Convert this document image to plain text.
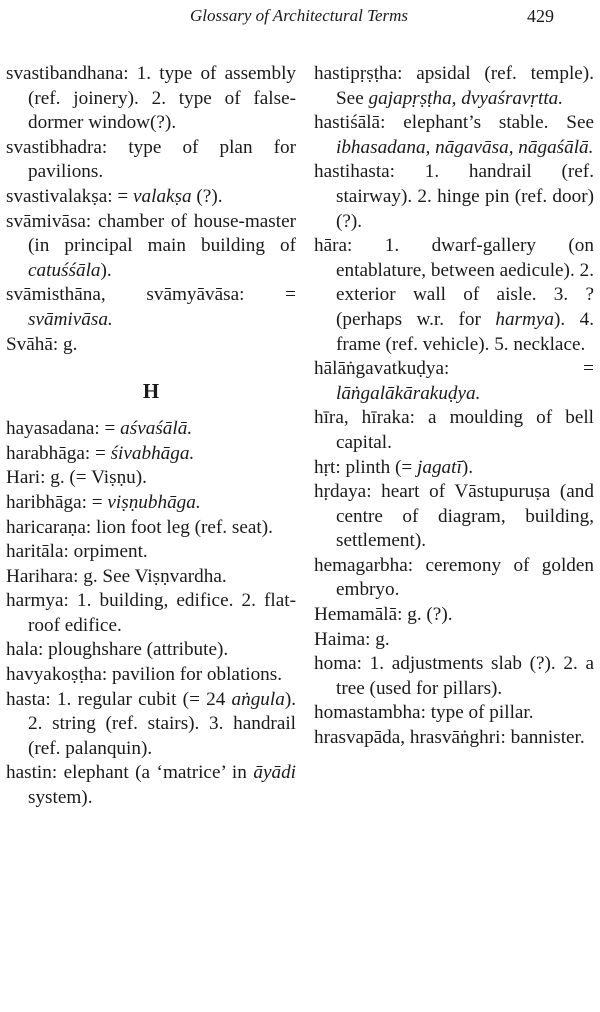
Glossary of Architectural Terms	429
svastibandhana: 1. type of assembly (ref. joinery). 2. type of false-dormer window(?).
svastibhadra: type of plan for pavilions.
svastivalakṣa: = valakṣa (?).
svāmivāsa: chamber of house-master (in principal main building of catuśśāla).
svāmisthāna, svāmyāvāsa: = svāmivāsa.
Svāhā: g.
H
hayasadana: = aśvaśālā.
harabhāga: = śivabhāga.
Hari: g. (= Viṣṇu).
haribhāga: = viṣṇubhāga.
haricaraṇa: lion foot leg (ref. seat).
haritāla: orpiment.
Harihara: g. See Viṣṇvardha.
harmya: 1. building, edifice. 2. flat-roof edifice.
hala: ploughshare (attribute).
havyakoṣṭha: pavilion for oblations.
hasta: 1. regular cubit (= 24 aṅgula). 2. string (ref. stairs). 3. handrail (ref. palanquin).
hastin: elephant (a ‘matrice’ in āyādi system).
hastipṛṣṭha: apsidal (ref. temple). See gajapṛṣṭha, dvyaśravṛtta.
hastiśālā: elephant’s stable. See ibhasadana, nāgavāsa, nāgaśālā.
hastihasta: 1. handrail (ref. stairway). 2. hinge pin (ref. door) (?).
hāra: 1. dwarf-gallery (on entablature, between aedicule). 2. exterior wall of aisle. 3. ? (perhaps w.r. for harmya). 4. frame (ref. vehicle). 5. necklace.
hālāṅgavatkuḍya: = lāṅgalākārakuḍya.
hīra, hīraka: a moulding of bell capital.
hṛt: plinth (= jagatī).
hṛdaya: heart of Vāstupuruṣa (and centre of diagram, building, settlement).
hemagarbha: ceremony of golden embryo.
Hemamālā: g. (?).
Haima: g.
homa: 1. adjustments slab (?). 2. a tree (used for pillars).
homastambha: type of pillar.
hrasvapāda, hrasvāṅghri: bannister.
